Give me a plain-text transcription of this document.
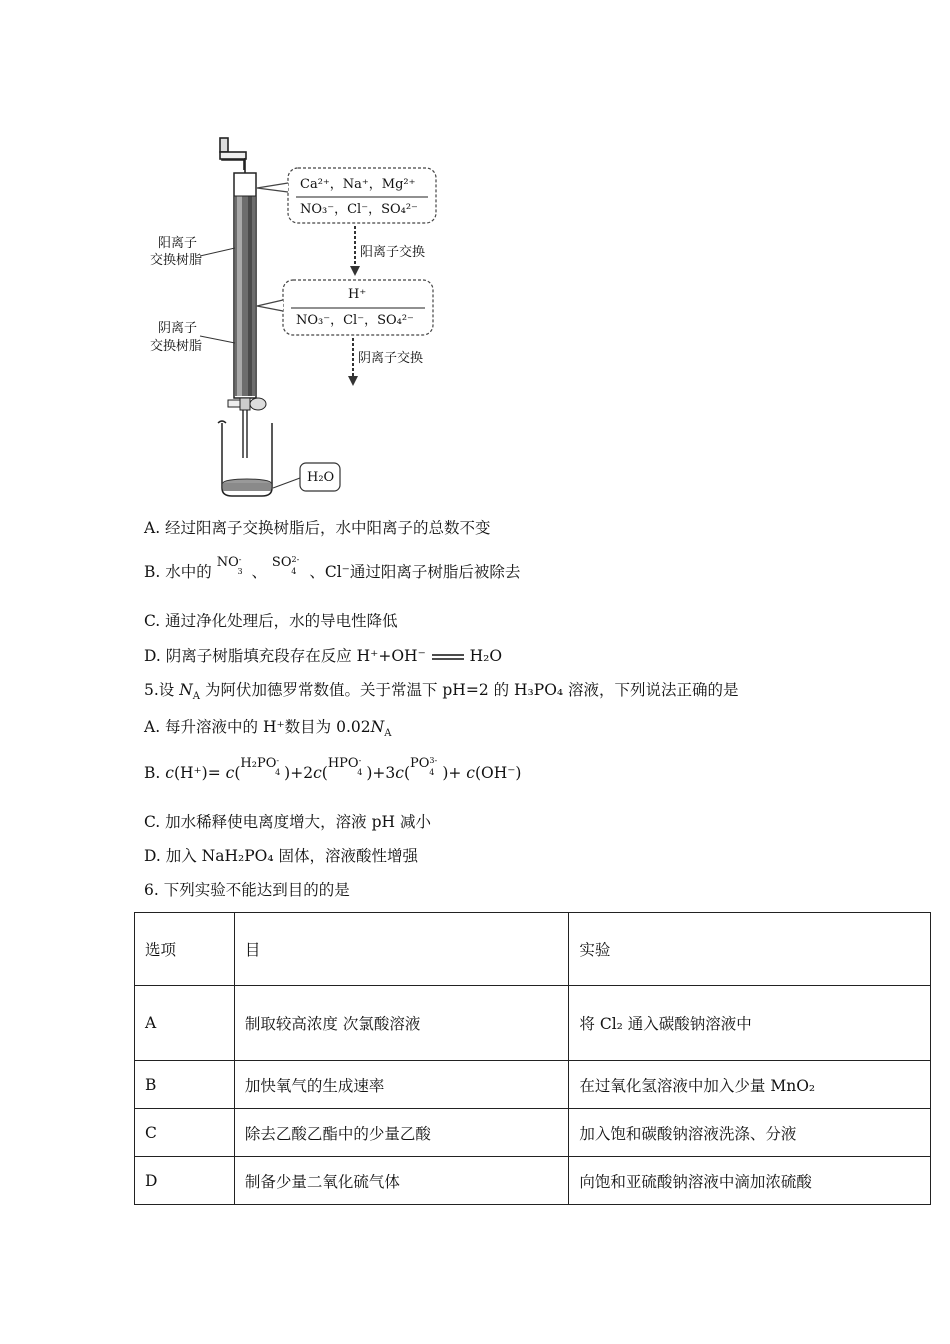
Ca²⁺，Na⁺，Mg²⁺
NO₃⁻，Cl⁻，SO₄²⁻
阳离子交换
H⁺
NO₃⁻，Cl⁻，SO₄²⁻
阴离子交换
阳离子
交换树脂
阴离子
交换树脂
H₂O
A. 经过阳离子交换树脂后，水中阳离子的总数不变
B. 水中的 NO-3 、 $SO^{2-}4$ 、Cl⁻通过阳离子树脂后被除去
C. 通过净化处理后，水的导电性降低
D. 阴离子树脂填充段存在反应 H⁺+OH⁻	H₂O
5.设 $N_A$ 为阿伏加德罗常数值。关于常温下 pH=2 的 H₃PO₄ 溶液，下列说法正确的是
A. 每升溶液中的 H⁺数目为 $0.02N_A$
B. c(H⁺)= c(H₂PO-4 )+2c(HPO-4 )$+3c(PO^{3-}4$ )+ c(OH⁻)
C. 加水稀释使电离度增大，溶液 pH 减小
D. 加入 NaH₂PO₄ 固体，溶液酸性增强
6. 下列实验不能达到目的的是
选项	目	实验
A	制取较高浓度 次氯酸溶液	将 Cl₂ 通入碳酸钠溶液中
B	加快氧气的生成速率	在过氧化氢溶液中加入少量 MnO₂
C	除去乙酸乙酯中的少量乙酸	加入饱和碳酸钠溶液洗涤、分液
D	制备少量二氧化硫气体	向饱和亚硫酸钠溶液中滴加浓硫酸
